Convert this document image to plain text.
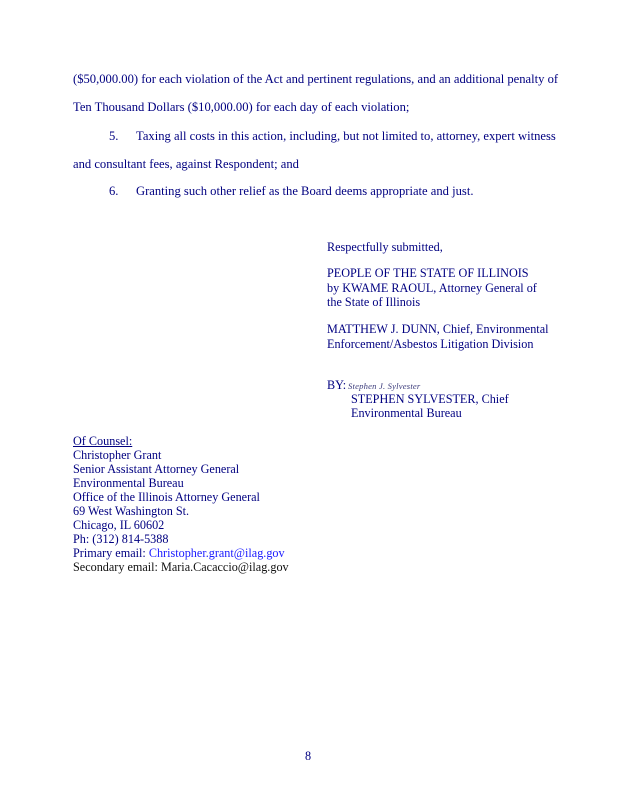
($50,000.00) for each violation of the Act and pertinent regulations, and an additional penalty of
Ten Thousand Dollars ($10,000.00) for each day of each violation;
5. Taxing all costs in this action, including, but not limited to, attorney, expert witness
and consultant fees, against Respondent; and
6. Granting such other relief as the Board deems appropriate and just.
Respectfully submitted,
PEOPLE OF THE STATE OF ILLINOIS
by KWAME RAOUL, Attorney General of
the State of Illinois
MATTHEW J. DUNN, Chief, Environmental
Enforcement/Asbestos Litigation Division
BY: Stephen J. Sylvester
STEPHEN SYLVESTER, Chief
Environmental Bureau
Of Counsel:
Christopher Grant
Senior Assistant Attorney General
Environmental Bureau
Office of the Illinois Attorney General
69 West Washington St.
Chicago, IL 60602
Ph: (312) 814-5388
Primary email: Christopher.grant@ilag.gov
Secondary email: Maria.Cacaccio@ilag.gov
8
